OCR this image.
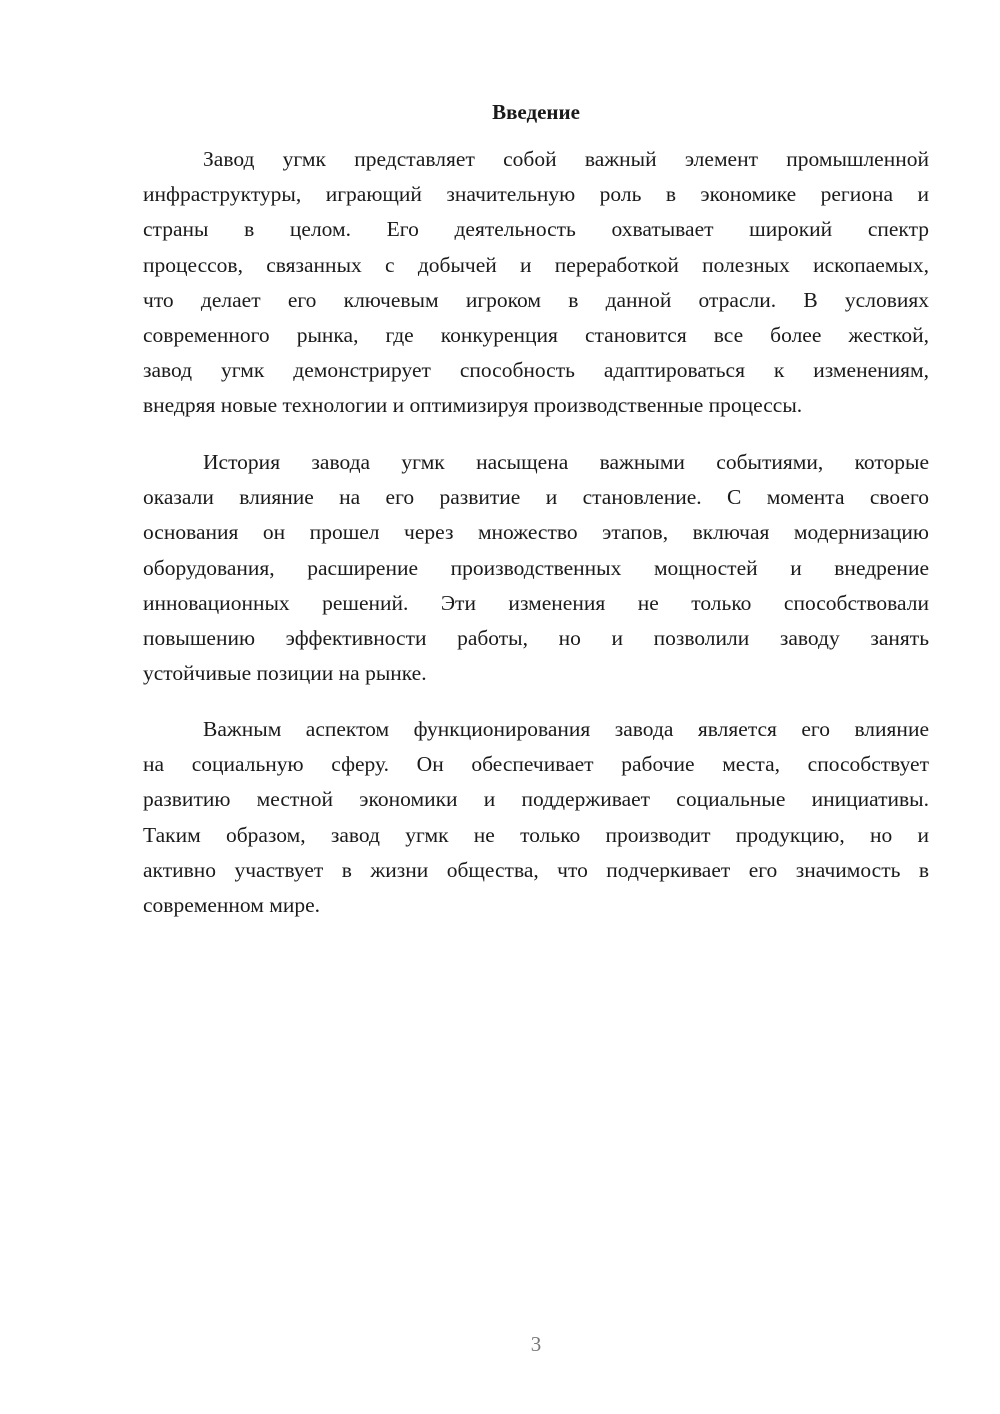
Введение

Завод угмк представляет собой важный элемент промышленной
инфраструктуры, играющий значительную роль в экономике региона и
страны в целом. Его деятельность охватывает широкий спектр
процессов, связанных с добычей и переработкой полезных ископаемых,
что делает его ключевым игроком в данной отрасли. В условиях
современного рынка, где конкуренция становится все более жесткой,
завод угмк демонстрирует способность адаптироваться к изменениям,
внедряя новые технологии и оптимизируя производственные процессы.

История завода угмк насыщена важными событиями, которые
оказали влияние на его развитие и становление. С момента своего
основания он прошел через множество этапов, включая модернизацию
оборудования, расширение производственных мощностей и внедрение
инновационных решений. Эти изменения не только способствовали
повышению эффективности работы, но и позволили заводу занять
устойчивые позиции на рынке.

Важным аспектом функционирования завода является его влияние
на социальную сферу. Он обеспечивает рабочие места, способствует
развитию местной экономики и поддерживает социальные инициативы.
Таким образом, завод угмк не только производит продукцию, но и
активно участвует в жизни общества, что подчеркивает его значимость в
современном мире.

3
